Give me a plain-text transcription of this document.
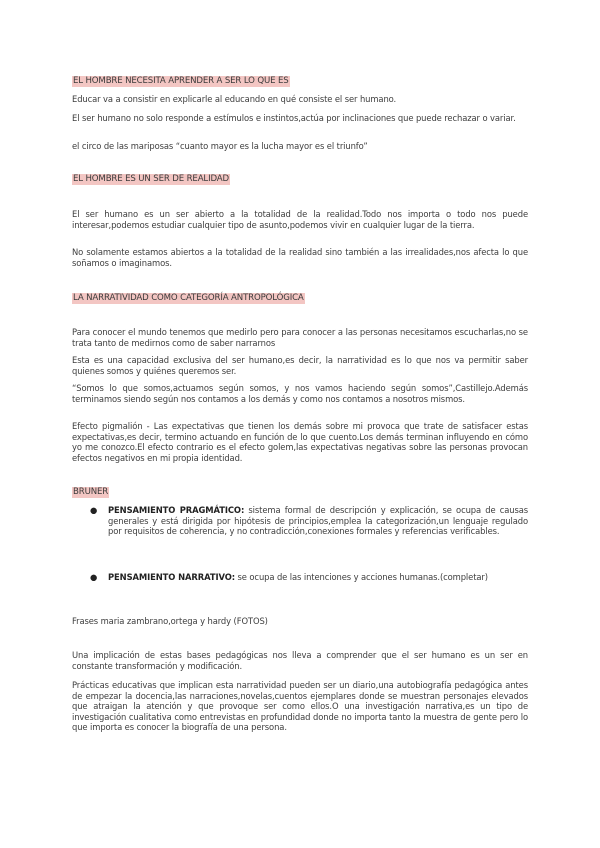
EL HOMBRE NECESITA APRENDER A SER LO QUE ES

Educar va a consistir en explicarle al educando en qué consiste el ser humano.

El ser humano no solo responde a estímulos e instintos,actúa por inclinaciones que puede rechazar o variar.

el circo de las mariposas “cuanto mayor es la lucha mayor es el triunfo”

EL HOMBRE ES UN SER DE REALIDAD

El ser humano es un ser abierto a la totalidad de la realidad.Todo nos importa o todo nos puede interesar,podemos estudiar cualquier tipo de asunto,podemos vivir en cualquier lugar de la tierra.

No solamente estamos abiertos a la totalidad de la realidad sino también a las irrealidades,nos afecta lo que soñamos o imaginamos.

LA NARRATIVIDAD COMO CATEGORÍA ANTROPOLÓGICA

Para conocer el mundo tenemos que medirlo pero para conocer a las personas necesitamos escucharlas,no se trata tanto de medirnos como de saber narrarnos

Esta es una capacidad exclusiva del ser humano,es decir, la narratividad es lo que nos va permitir saber quienes somos y quiénes queremos ser.

“Somos lo que somos,actuamos según somos, y nos vamos haciendo según somos”,Castillejo.Además terminamos siendo según nos contamos a los demás y como nos contamos a nosotros mismos.

Efecto pigmalión - Las expectativas que tienen los demás sobre mi provoca que trate de satisfacer estas expectativas,es decir, termino actuando en función de lo que cuento.Los demás terminan influyendo en cómo yo me conozco.El efecto contrario es el efecto golem,las expectativas negativas sobre las personas provocan efectos negativos en mi propia identidad.

BRUNER
●	PENSAMIENTO PRAGMÁTICO: sistema formal de descripción y explicación, se ocupa de causas generales y está dirigida por hipótesis de principios,emplea la categorización,un lenguaje regulado por requisitos de coherencia, y no contradicción,conexiones formales y referencias verificables.
●	PENSAMIENTO NARRATIVO: se ocupa de las intenciones y acciones humanas.(completar)

Frases maria zambrano,ortega y hardy (FOTOS)

Una implicación de estas bases pedagógicas nos lleva a comprender que el ser humano es un ser en constante transformación y modificación.

Prácticas educativas que implican esta narratividad pueden ser un diario,una autobiografía pedagógica antes de empezar la docencia,las narraciones,novelas,cuentos ejemplares donde se muestran personajes elevados que atraigan la atención y que provoque ser como ellos.O una investigación narrativa,es un tipo de investigación cualitativa como entrevistas en profundidad donde no importa tanto la muestra de gente pero lo que importa es conocer la biografía de una persona.
